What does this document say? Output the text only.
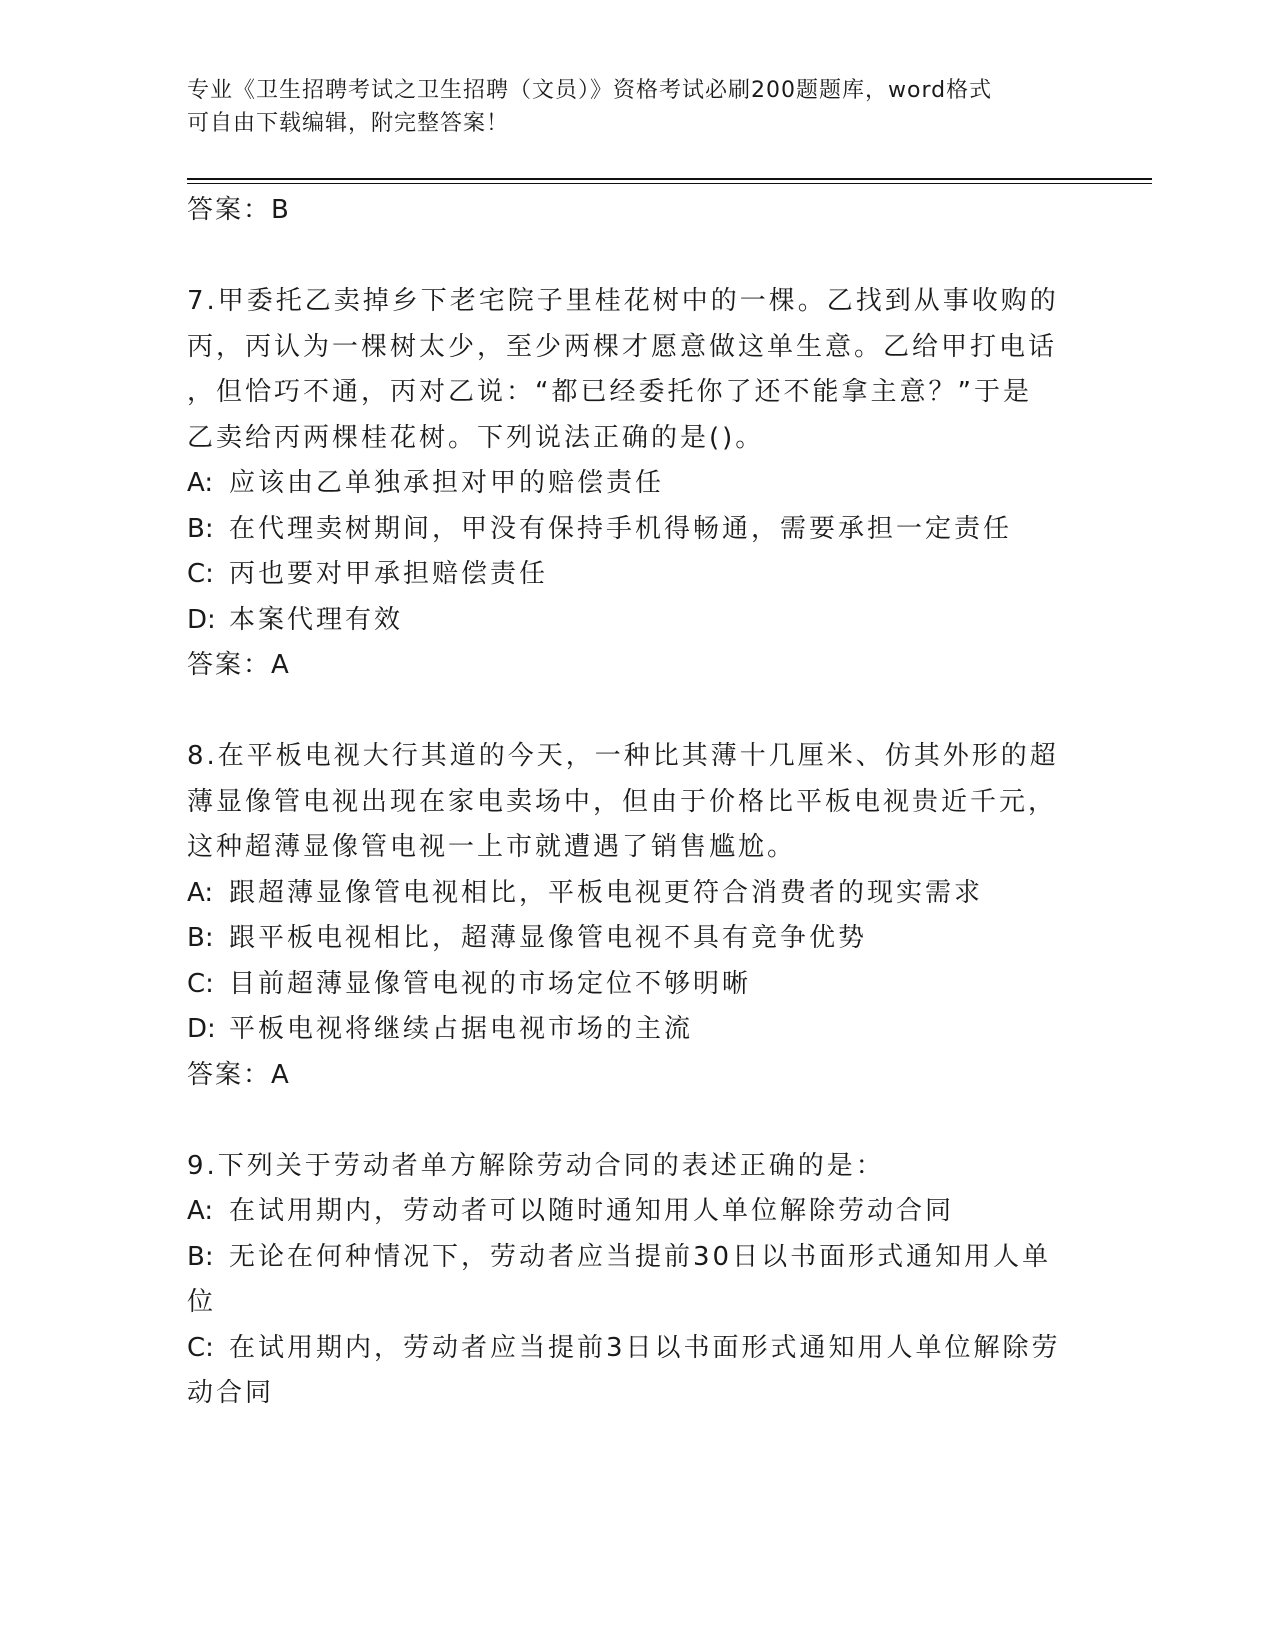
专业《卫生招聘考试之卫生招聘（文员）》资格考试必刷200题题库，word格式
可自由下载编辑，附完整答案！

答案：B

7.甲委托乙卖掉乡下老宅院子里桂花树中的一棵。乙找到从事收购的

丙，丙认为一棵树太少，至少两棵才愿意做这单生意。乙给甲打电话

，但恰巧不通，丙对乙说：“都已经委托你了还不能拿主意？”于是

乙卖给丙两棵桂花树。下列说法正确的是()。

A: 应该由乙单独承担对甲的赔偿责任

B: 在代理卖树期间，甲没有保持手机得畅通，需要承担一定责任

C: 丙也要对甲承担赔偿责任

D: 本案代理有效

答案：A

8.在平板电视大行其道的今天，一种比其薄十几厘米、仿其外形的超

薄显像管电视出现在家电卖场中，但由于价格比平板电视贵近千元，

这种超薄显像管电视一上市就遭遇了销售尴尬。

A: 跟超薄显像管电视相比，平板电视更符合消费者的现实需求

B: 跟平板电视相比，超薄显像管电视不具有竞争优势

C: 目前超薄显像管电视的市场定位不够明晰

D: 平板电视将继续占据电视市场的主流

答案：A

9.下列关于劳动者单方解除劳动合同的表述正确的是：

A: 在试用期内，劳动者可以随时通知用人单位解除劳动合同

B: 无论在何种情况下，劳动者应当提前30日以书面形式通知用人单

位

C: 在试用期内，劳动者应当提前3日以书面形式通知用人单位解除劳

动合同
